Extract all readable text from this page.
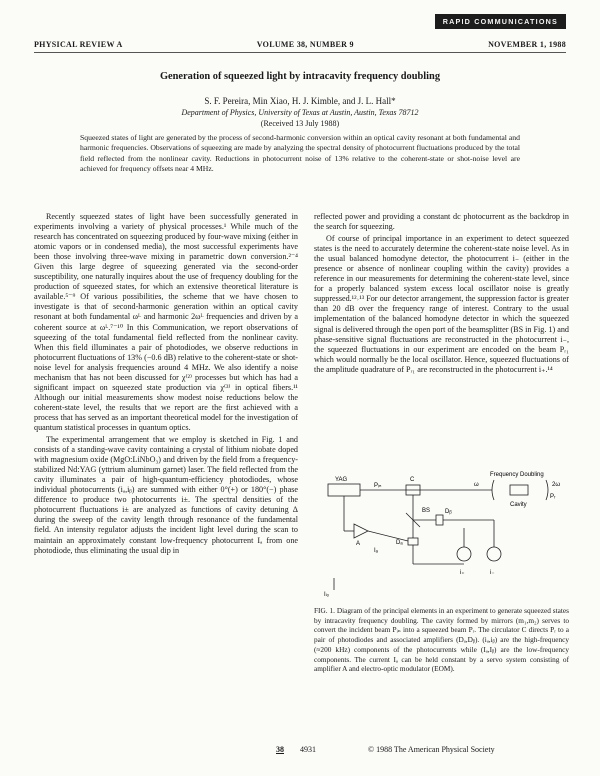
RAPID COMMUNICATIONS
PHYSICAL REVIEW A	VOLUME 38, NUMBER 9	NOVEMBER 1, 1988
Generation of squeezed light by intracavity frequency doubling
S. F. Pereira, Min Xiao, H. J. Kimble, and J. L. Hall*
Department of Physics, University of Texas at Austin, Austin, Texas 78712
(Received 13 July 1988)
Squeezed states of light are generated by the process of second-harmonic conversion within an optical cavity resonant at both fundamental and harmonic frequencies. Observations of squeezing are made by analyzing the spectral density of photocurrent fluctuations produced by the total field reflected from the nonlinear cavity. Reductions in photocurrent noise of 13% relative to the coherent-state or shot-noise level are achieved for frequency offsets near 4 MHz.

Recently squeezed states of light have been successfully generated in experiments involving a variety of physical processes.¹ While much of the research has concentrated on squeezing produced by four-wave mixing (either in atomic vapors or in condensed media), the most successful experiments have been those involving three-wave mixing in parametric down conversion.²⁻⁴ Given this large degree of squeezing generated via the second-order susceptibility, one naturally inquires about the use of frequency doubling for the production of squeezed states, for which an extensive theoretical literature is available.⁵⁻⁹ Of various possibilities, the scheme that we have chosen to investigate is that of second-harmonic generation within an optical cavity resonant at both fundamental ωᴸ and harmonic 2ωᴸ frequencies and driven by a coherent source at ωᴸ.⁷⁻¹⁰ In this Communication, we report observations of squeezing of the total fundamental field reflected from the nonlinear cavity. When this field illuminates a pair of photodiodes, we observe reductions in photocurrent fluctuations of 13% (−0.6 dB) relative to the coherent-state or shot-noise level for analysis frequencies around 4 MHz. We also identify a noise mechanism that has not been discussed for χ⁽²⁾ processes but which has had a significant impact on squeezed state production via χ⁽³⁾ in optical fibers.¹¹ Although our initial measurements show modest noise reductions below the coherent-state level, the results that we report are the first achieved with a process that has served as an important theoretical model for the investigation of quantum statistical processes in quantum optics.

The experimental arrangement that we employ is sketched in Fig. 1 and consists of a standing-wave cavity containing a crystal of lithium niobate doped with magnesium oxide (MgO:LiNbO₃) and driven by the field from a frequency-stabilized Nd:YAG (yttrium aluminum garnet) laser. The field reflected from the cavity illuminates a pair of high-quantum-efficiency photodiodes, whose individual photocurrents (iₐ,iᵦ) are summed with either 0°(+) or 180°(−) phase difference to produce two photocurrents i±. The spectral densities of the photocurrent fluctuations i± are analyzed as functions of cavity detuning Δ during the sweep of the cavity length through resonance of the fundamental field. An intensity regulator adjusts the incident light level during the scan to maintain an approximately constant low-frequency photocurrent Iₐ from one photodiode, thus eliminating the usual dip in

reflected power and providing a constant dc photocurrent as the backdrop in the search for squeezing.

Of course of principal importance in an experiment to detect squeezed states is the need to accurately determine the coherent-state noise level. As in the usual balanced homodyne detector, the photocurrent i₋ (either in the presence or absence of nonlinear coupling within the cavity) provides a reference in our measurements for determining the coherent-state level, since for a properly balanced system excess local oscillator noise is greatly suppressed.¹²˒¹³ For our detector arrangement, the suppression factor is greater than 20 dB over the frequency range of interest. Contrary to the usual implementation of the balanced homodyne detector in which the squeezed signal is delivered through the open port of the beamsplitter (BS in Fig. 1) and phase-sensitive signal fluctuations are reconstructed in the photocurrent i₋, the squeezed fluctuations in our experiment are encoded on the beam Pᵣ₁ which would normally be the local oscillator. Hence, squeezed fluctuations of the amplitude quadrature of Pᵣ₁ are reconstructed in the photocurrent i₊.¹⁴

Frequency Doubling
Cavity
YAG
Pᵢₙ
Pᵣ
C
BS
Dₐ
Dᵦ
Iₐ
i₊	i₋
A
ω	2ω
Iₗₒ
FIG. 1. Diagram of the principal elements in an experiment to generate squeezed states by intracavity frequency doubling. The cavity formed by mirrors (m₁,m₂) serves to convert the incident beam Pᵢₙ into a squeezed beam Pᵣ. The circulator C directs Pᵣ to a pair of photodiodes and associated amplifiers (Dₐ,Dᵦ). (iₐ,iᵦ) are the high-frequency (≈200 kHz) components of the photocurrents while (Iₐ,Iᵦ) are the low-frequency components. The current Iₐ can be held constant by a servo system consisting of amplifier A and electro-optic modulator (EOM).
38 4931	© 1988 The American Physical Society
